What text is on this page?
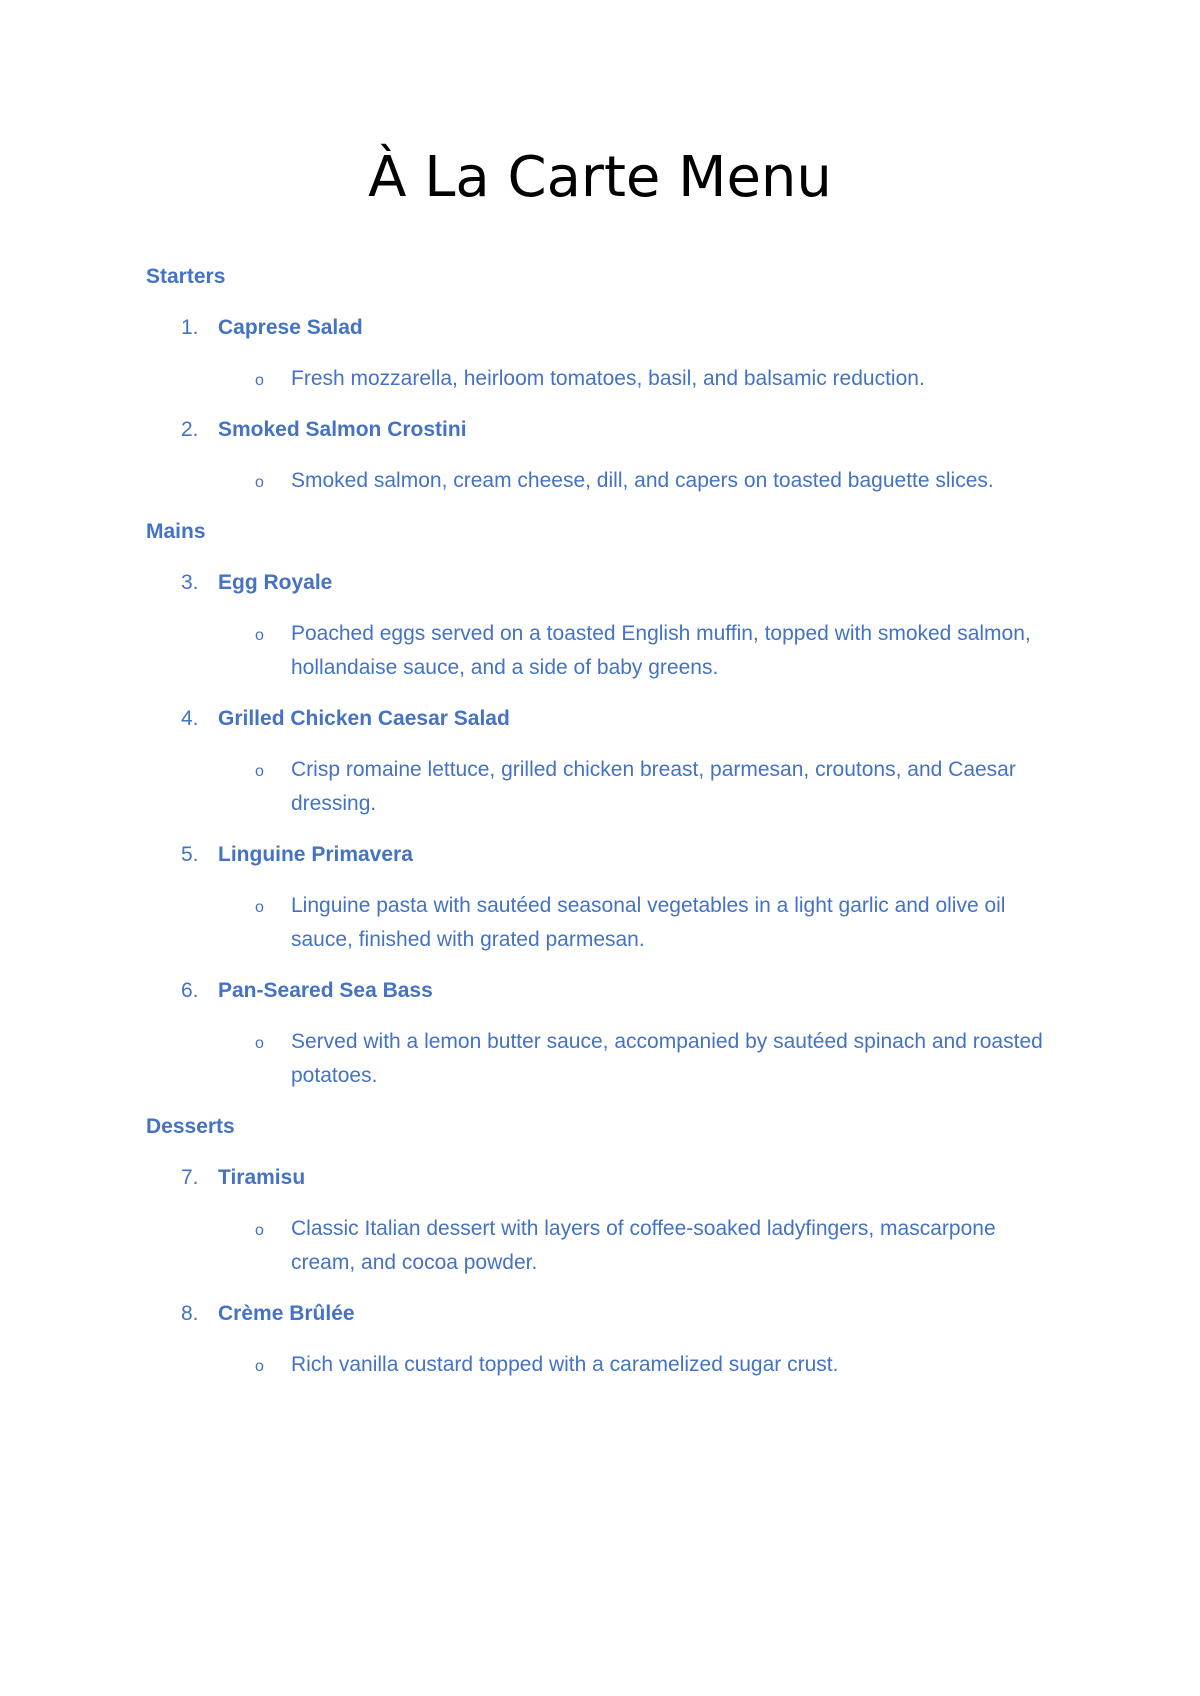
À La Carte Menu
Starters
1. Caprese Salad
o Fresh mozzarella, heirloom tomatoes, basil, and balsamic reduction.
2. Smoked Salmon Crostini
o Smoked salmon, cream cheese, dill, and capers on toasted baguette slices.
Mains
3. Egg Royale
o Poached eggs served on a toasted English muffin, topped with smoked salmon, hollandaise sauce, and a side of baby greens.
4. Grilled Chicken Caesar Salad
o Crisp romaine lettuce, grilled chicken breast, parmesan, croutons, and Caesar dressing.
5. Linguine Primavera
o Linguine pasta with sautéed seasonal vegetables in a light garlic and olive oil sauce, finished with grated parmesan.
6. Pan-Seared Sea Bass
o Served with a lemon butter sauce, accompanied by sautéed spinach and roasted potatoes.
Desserts
7. Tiramisu
o Classic Italian dessert with layers of coffee-soaked ladyfingers, mascarpone cream, and cocoa powder.
8. Crème Brûlée
o Rich vanilla custard topped with a caramelized sugar crust.
